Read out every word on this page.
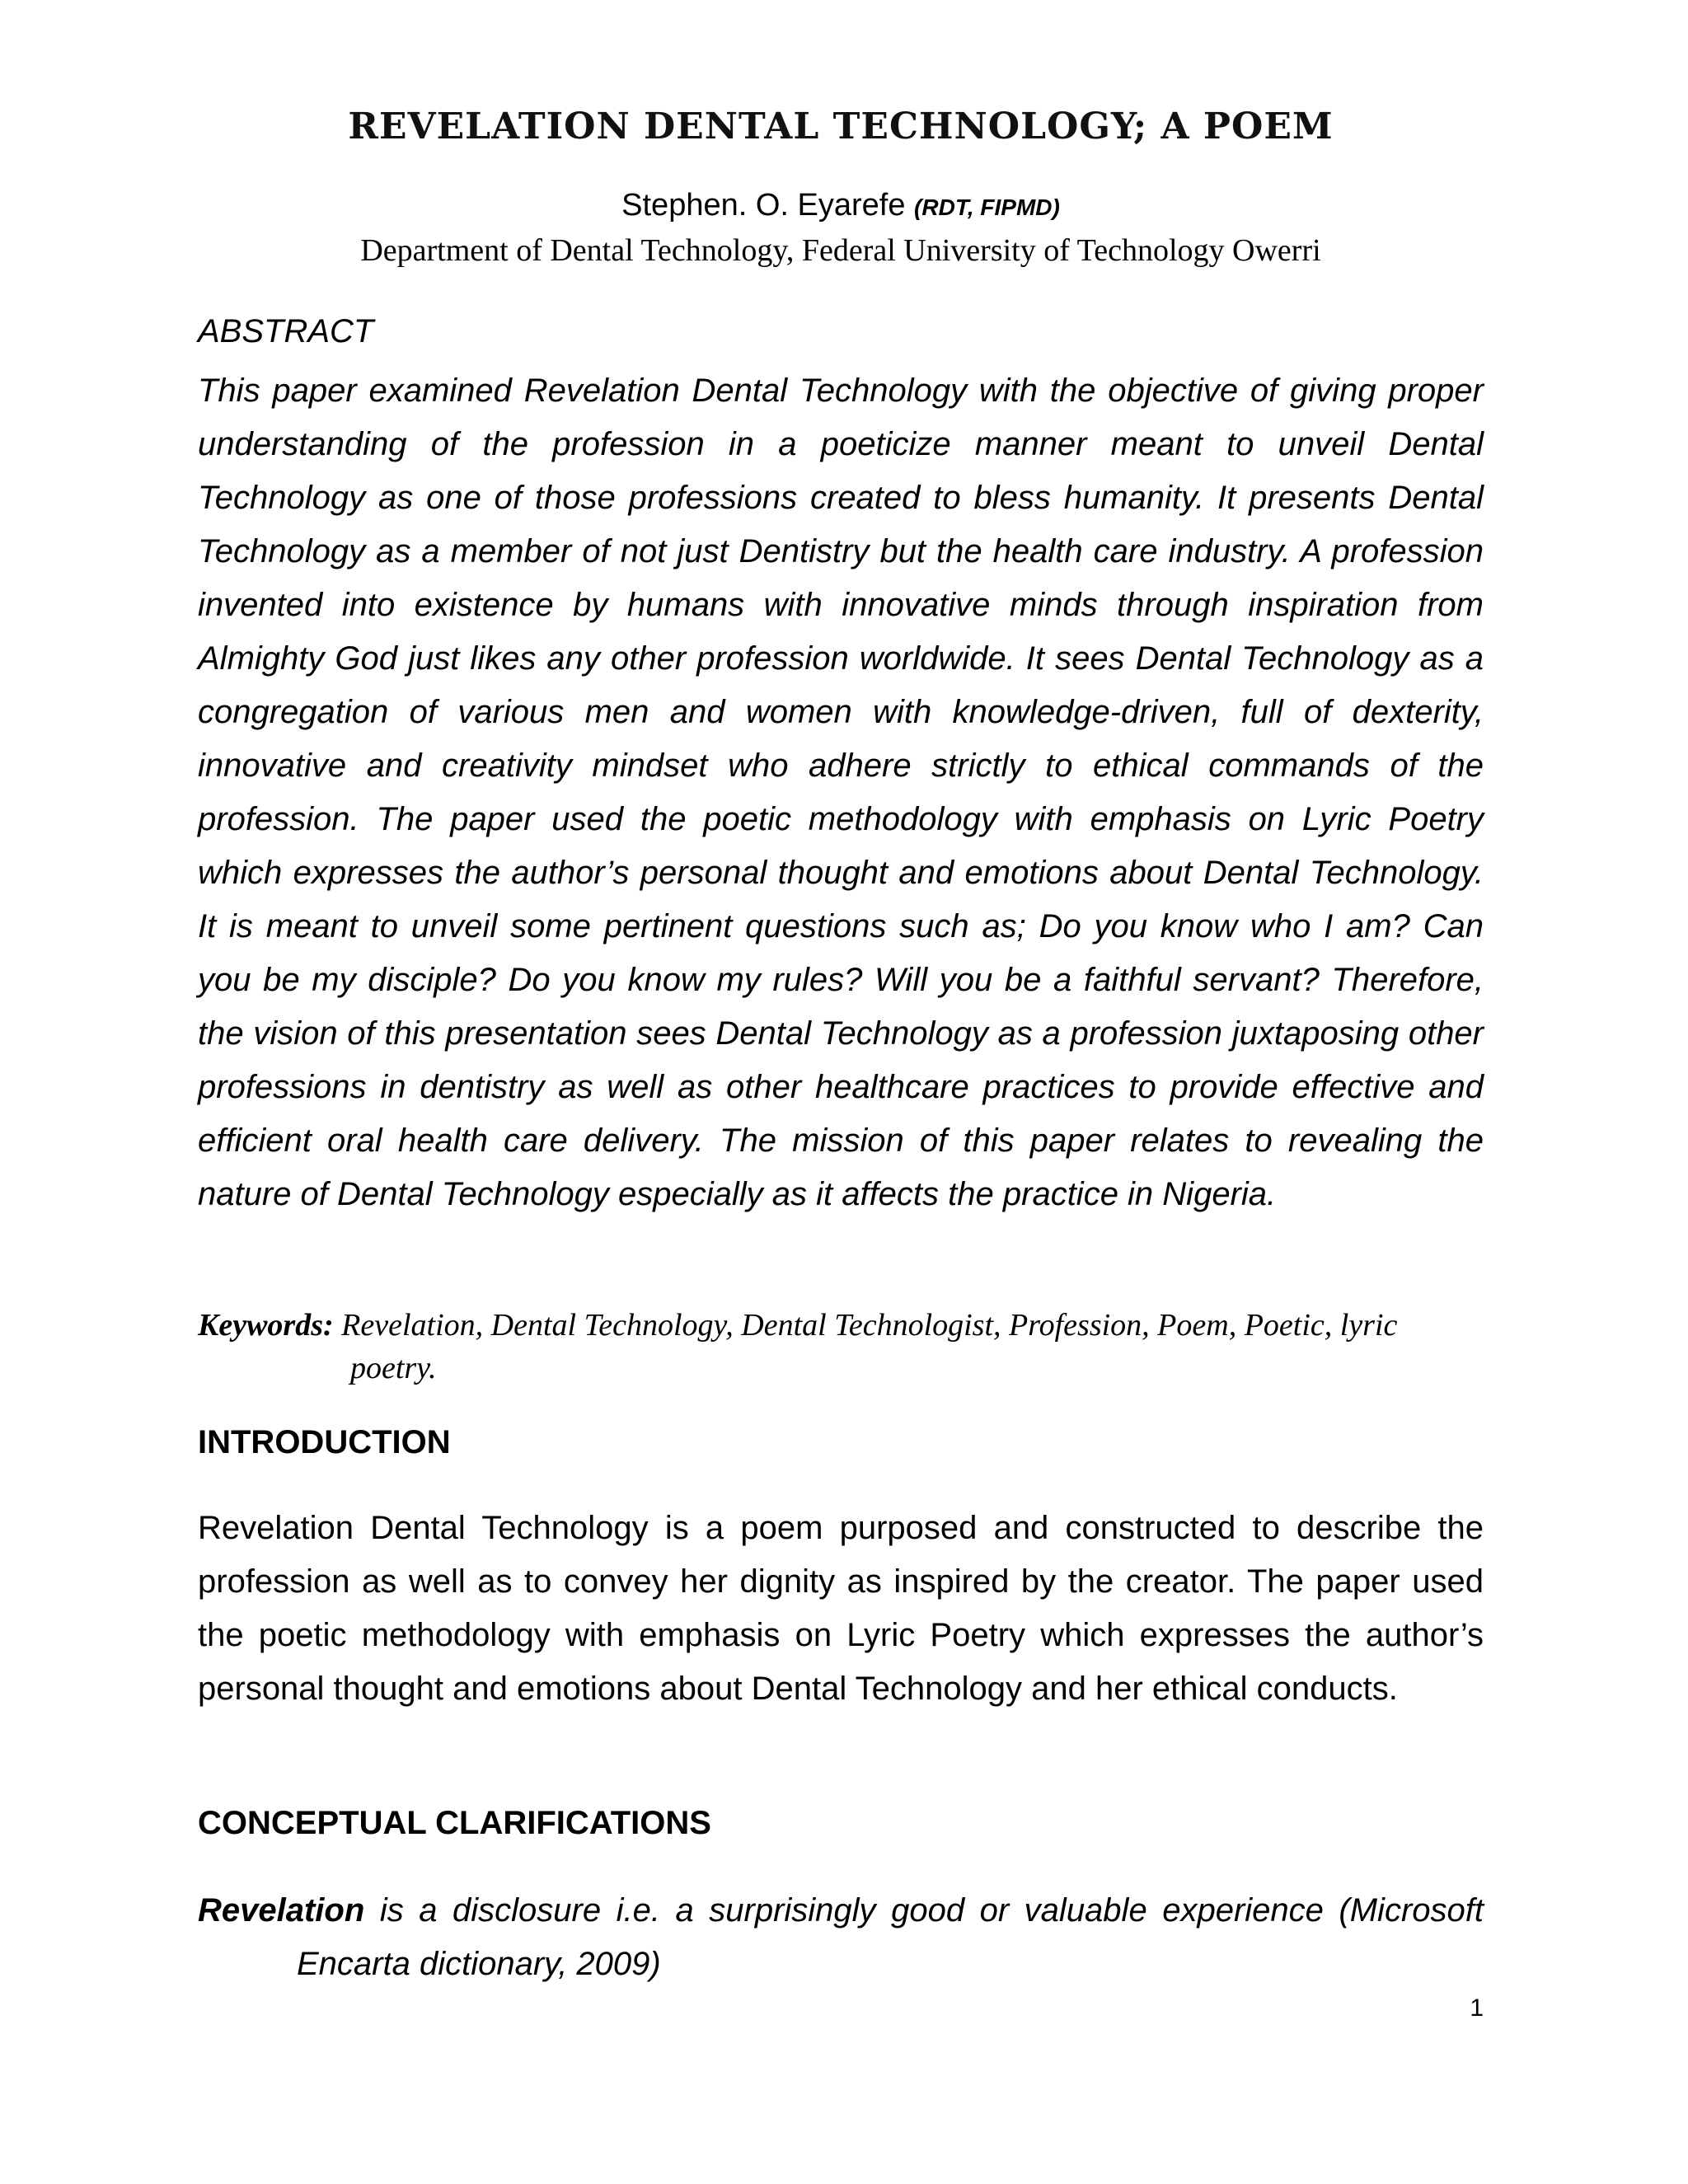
REVELATION DENTAL TECHNOLOGY; A POEM
Stephen. O. Eyarefe (RDT, FIPMD)
Department of Dental Technology, Federal University of Technology Owerri
ABSTRACT
This paper examined Revelation Dental Technology with the objective of giving proper understanding of the profession in a poeticize manner meant to unveil Dental Technology as one of those professions created to bless humanity. It presents Dental Technology as a member of not just Dentistry but the health care industry. A profession invented into existence by humans with innovative minds through inspiration from Almighty God just likes any other profession worldwide. It sees Dental Technology as a congregation of various men and women with knowledge-driven, full of dexterity, innovative and creativity mindset who adhere strictly to ethical commands of the profession. The paper used the poetic methodology with emphasis on Lyric Poetry which expresses the author’s personal thought and emotions about Dental Technology. It is meant to unveil some pertinent questions such as; Do you know who I am? Can you be my disciple? Do you know my rules? Will you be a faithful servant? Therefore, the vision of this presentation sees Dental Technology as a profession juxtaposing other professions in dentistry as well as other healthcare practices to provide effective and efficient oral health care delivery. The mission of this paper relates to revealing the nature of Dental Technology especially as it affects the practice in Nigeria.
Keywords: Revelation, Dental Technology, Dental Technologist, Profession, Poem, Poetic, lyric poetry.
INTRODUCTION
Revelation Dental Technology is a poem purposed and constructed to describe the profession as well as to convey her dignity as inspired by the creator. The paper used the poetic methodology with emphasis on Lyric Poetry which expresses the author’s personal thought and emotions about Dental Technology and her ethical conducts.
CONCEPTUAL CLARIFICATIONS
Revelation is a disclosure i.e. a surprisingly good or valuable experience (Microsoft Encarta dictionary, 2009)
1
